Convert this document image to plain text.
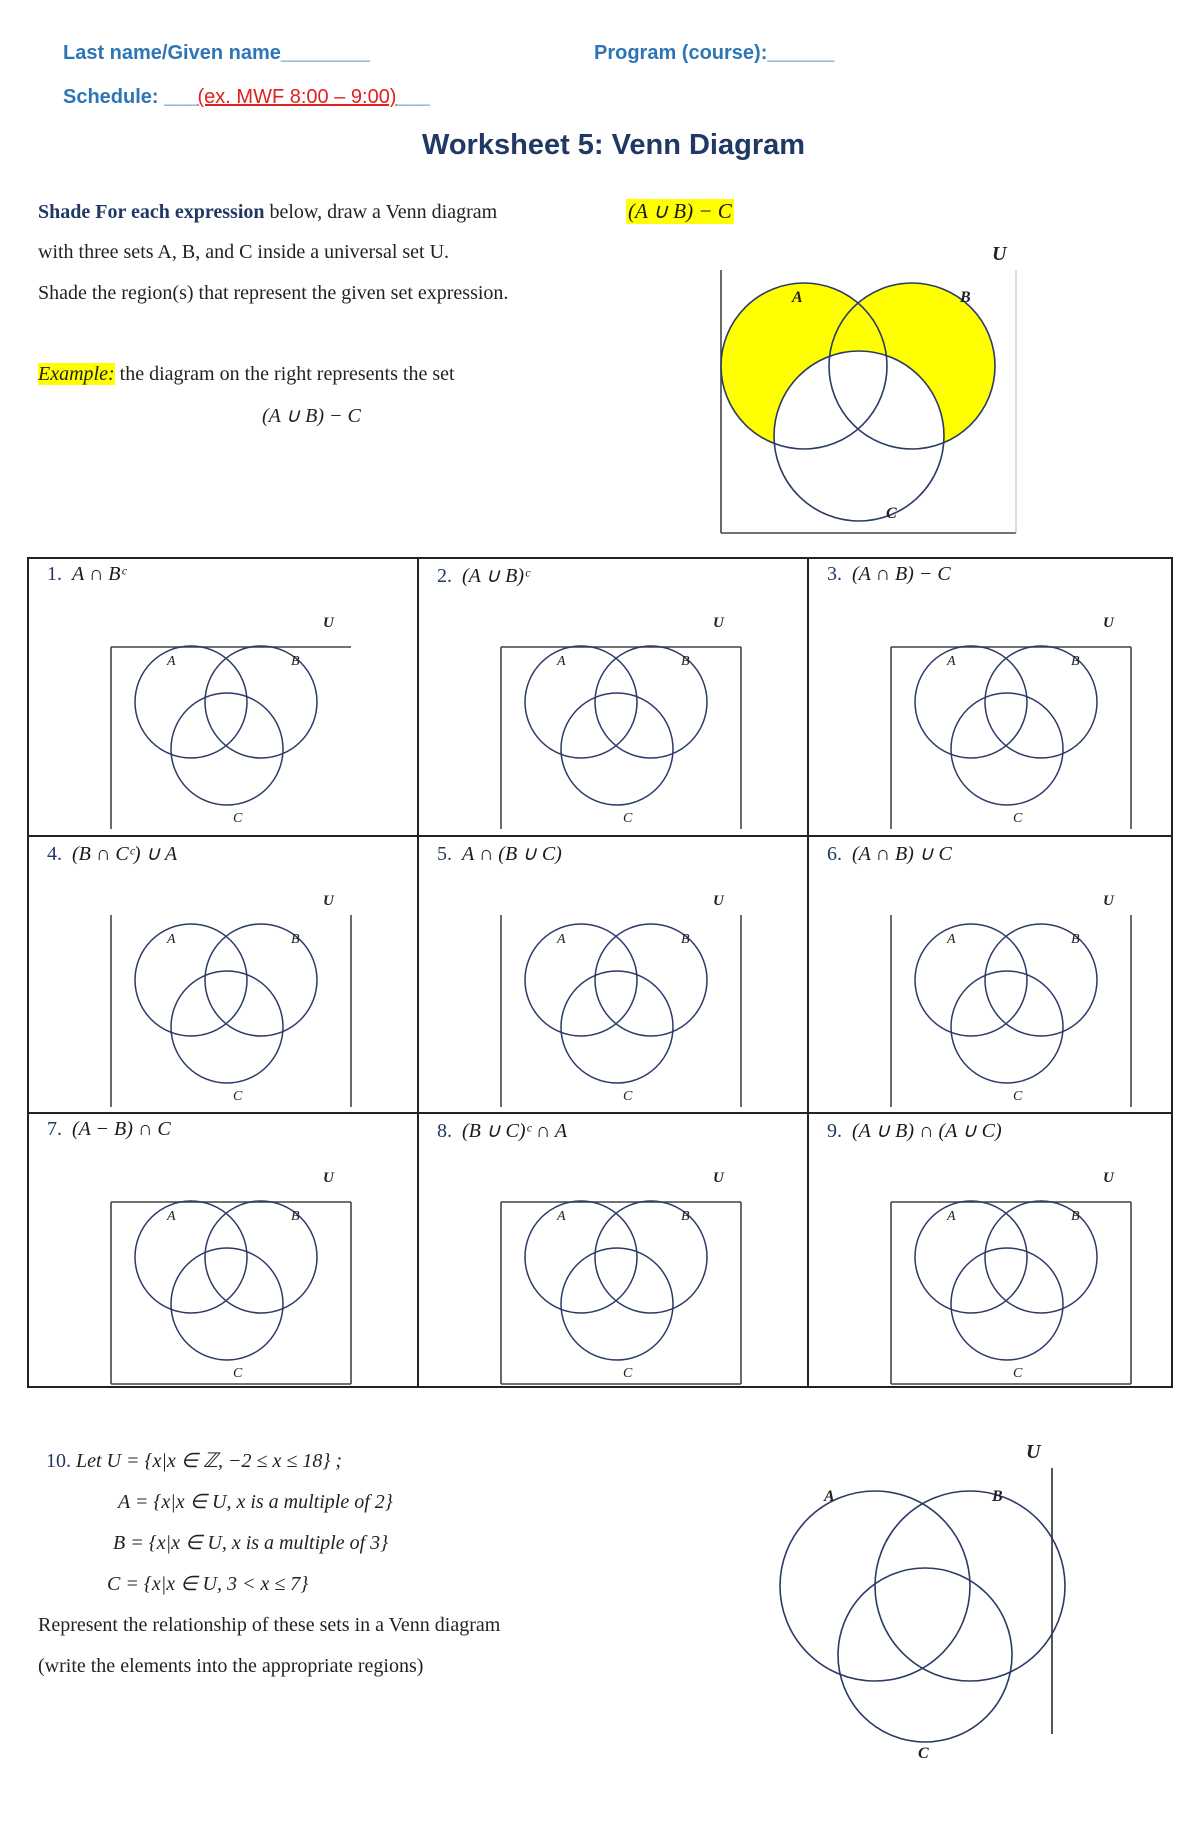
Last name/Given name________	Program (course):______
Schedule: ___(ex. MWF 8:00 – 9:00)___
Worksheet 5: Venn Diagram
Shade For each expression below, draw a Venn diagram
with three sets A, B, and C inside a universal set U.
Shade the region(s) that represent the given set expression.
Example: the diagram on the right represents the set
(A ∪ B) − C
(A ∪ B) − C
U
A	B
C
1. A ∩ Bᶜ
U
A	B
C
2. (A ∪ B)ᶜ
U
A	B
C
3. (A ∩ B) − C
U
A	B
C
4. (B ∩ Cᶜ) ∪ A
U
A	B
C
5. A ∩ (B ∪ C)
U
A	B
C
6. (A ∩ B) ∪ C
U
A	B
C
7. (A − B) ∩ C
U
A	B
C
8. (B ∪ C)ᶜ ∩ A
U
A	B
C
9. (A ∪ B) ∩ (A ∪ C)
U
A	B
C
10. Let U = {x|x ∈ ℤ, −2 ≤ x ≤ 18} ;
A = {x|x ∈ U, x is a multiple of 2}
B = {x|x ∈ U, x is a multiple of 3}
C = {x|x ∈ U, 3 < x ≤ 7}
Represent the relationship of these sets in a Venn diagram
(write the elements into the appropriate regions)
U
A	B
C
